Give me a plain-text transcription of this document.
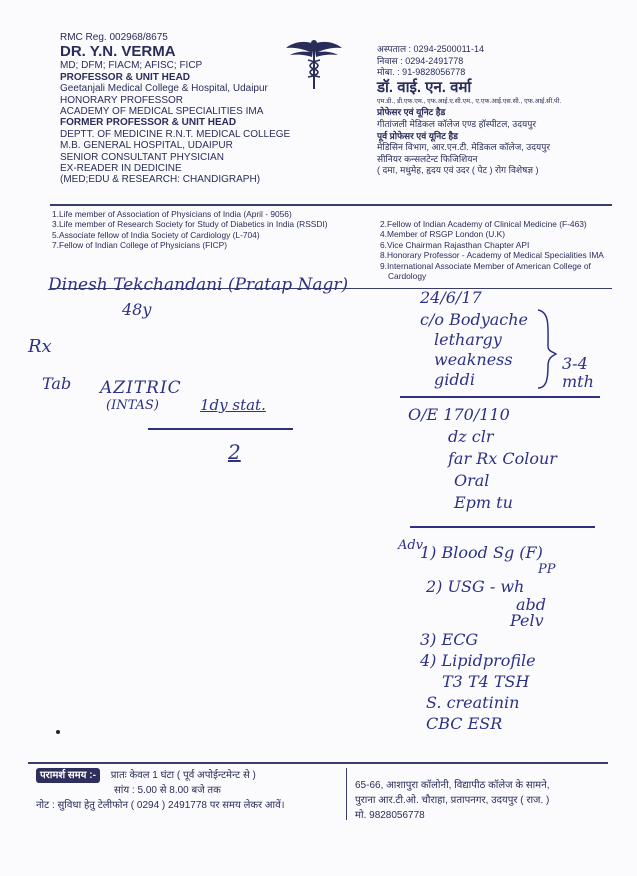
RMC Reg. 002968/8675
DR. Y.N. VERMA
MD; DFM; FIACM; AFISC; FICP
PROFESSOR & UNIT HEAD
Geetanjali Medical College & Hospital, Udaipur
HONORARY PROFESSOR
ACADEMY OF MEDICAL SPECIALITIES IMA
FORMER PROFESSOR & UNIT HEAD
DEPTT. OF MEDICINE R.N.T. MEDICAL COLLEGE
M.B. GENERAL HOSPITAL, UDAIPUR
SENIOR CONSULTANT PHYSICIAN
EX-READER IN DEDICINE
(MED;EDU & RESEARCH: CHANDIGRAPH)
अस्पताल : 0294-2500011-14
निवास : 0294-2491778
मोबा. : 91-9828056778
डॉ. वाई. एन. वर्मा
एम.डी., डी.एफ.एम., एफ.आई.ए.सी.एम., ए.एफ.आई.एस.सी., एफ.आई.सी.पी.
प्रोफेसर एवं यूनिट हैड
गीतांजली मेडिकल कॉलेज एण्ड हॉस्पीटल, उदयपुर
पूर्व प्रोफेसर एवं यूनिट हैड
मेडिसिन विभाग, आर.एन.टी. मेडिकल कॉलेज, उदयपुर
सीनियर कन्सलटेन्ट फिजिशियन
( दमा, मधुमेह, हृदय एवं उदर ( पेट ) रोग विशेषज्ञ )
1.Life member of Association of Physicians of India (April - 9056)
3.Life member of Research Society for Study of Diabetics in India (RSSDI)
5.Associate fellow of India Society of Cardiology (L-704)
7.Fellow of Indian College of Physicians (FICP)
2.Fellow of Indian Academy of Clinical Medicine (F-463)
4.Member of RSGP London (U.K)
6.Vice Chairman Rajasthan Chapter API
8.Honorary Professor - Academy of Medical Specialities IMA
9.International Associate Member of American College of
Cardology
Dinesh Tekchandani (Pratap Nagr)
48y
Rx
24/6/17
c/o Bodyache
lethargy
weakness
giddi
3-4 mth
Tab AZITRIC
(INTAS)	1dy stat.
2
O/E 170/110
dz clr
far Rx Colour
Oral
Epm tu
Adv
1) Blood Sg (F)
PP
2) USG - wh
abd
Pelv
3) ECG
4) Lipidprofile
T3 T4 TSH
S. creatinin
CBC ESR
परामर्श समय :- प्रातः केवल 1 घंटा ( पूर्व अपोईन्टमेन्ट से )
सांय : 5.00 से 8.00 बजे तक
नोट : सुविधा हेतु टेलीफोन ( 0294 ) 2491778 पर समय लेकर आवें।
65-66, आशापुरा कॉलोनी, विद्यापीठ कॉलेज के सामने,
पुराना आर.टी.ओ. चौराहा, प्रतापनगर, उदयपुर ( राज. )
मो. 9828056778
